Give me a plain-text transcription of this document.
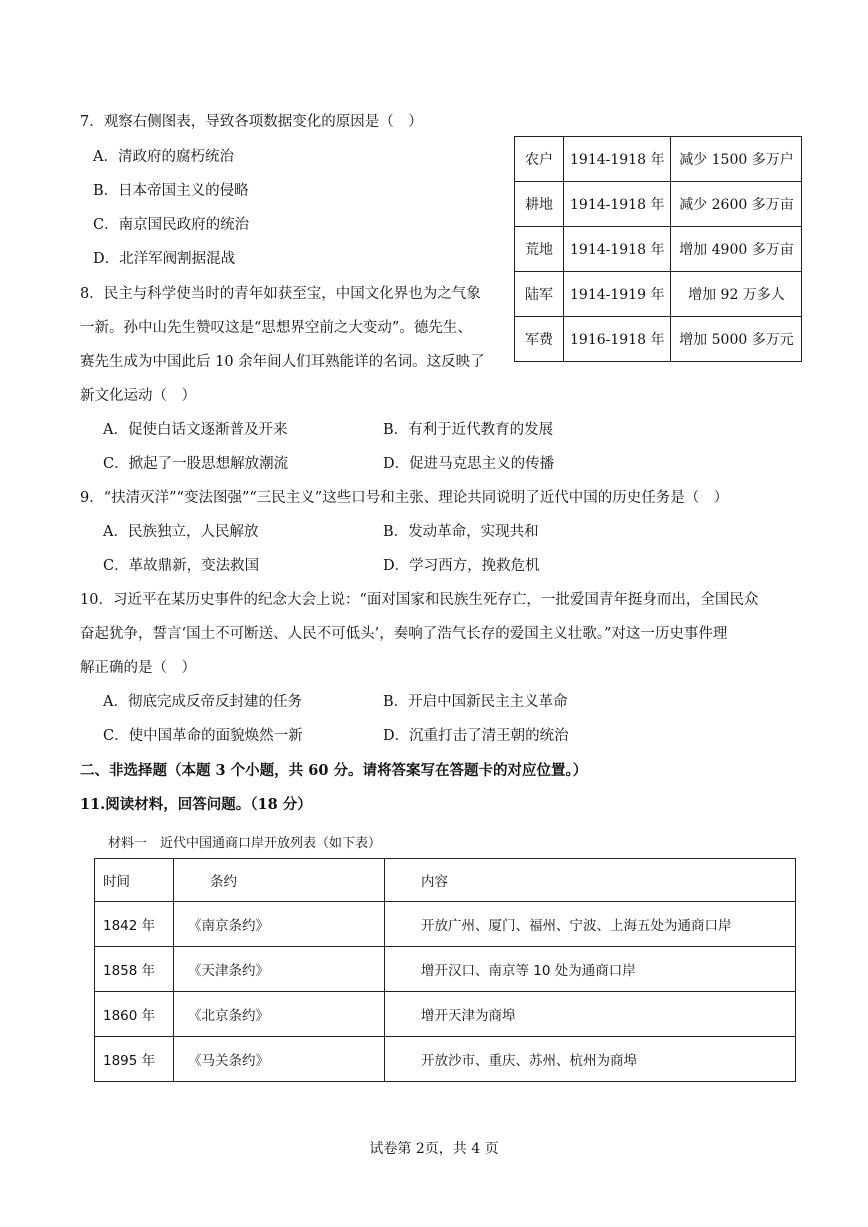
7．观察右侧图表，导致各项数据变化的原因是（　）
A．清政府的腐朽统治
B．日本帝国主义的侵略
C．南京国民政府的统治
D．北洋军阀割据混战
农户	1914-1918 年	减少 1500 多万户
耕地	1914-1918 年	减少 2600 多万亩
荒地	1914-1918 年	增加 4900 多万亩
陆军	1914-1919 年	增加 92 万多人
军费	1916-1918 年	增加 5000 多万元
8．民主与科学使当时的青年如获至宝，中国文化界也为之气象
一新。孙中山先生赞叹这是“思想界空前之大变动”。德先生、
赛先生成为中国此后 10 余年间人们耳熟能详的名词。这反映了
新文化运动（　）
A．促使白话文逐渐普及开来	B．有利于近代教育的发展
C．掀起了一股思想解放潮流	D．促进马克思主义的传播
9．“扶清灭洋”“变法图强”“三民主义”这些口号和主张、理论共同说明了近代中国的历史任务是（　）
A．民族独立，人民解放	B．发动革命，实现共和
C．革故鼎新，变法救国	D．学习西方，挽救危机
10．习近平在某历史事件的纪念大会上说：“面对国家和民族生死存亡，一批爱国青年挺身而出，全国民众
奋起犹争，誓言‘国土不可断送、人民不可低头’，奏响了浩气长存的爱国主义壮歌。”对这一历史事件理
解正确的是（　）
A．彻底完成反帝反封建的任务	B．开启中国新民主主义革命
C．使中国革命的面貌焕然一新	D．沉重打击了清王朝的统治
二、非选择题（本题 3 个小题，共 60 分。请将答案写在答题卡的对应位置。）
11.阅读材料，回答问题。（18 分）
材料一　近代中国通商口岸开放列表（如下表）
时间	条约	内容
1842 年	《南京条约》	开放广州、厦门、福州、宁波、上海五处为通商口岸
1858 年	《天津条约》	增开汉口、南京等 10 处为通商口岸
1860 年	《北京条约》	增开天津为商埠
1895 年	《马关条约》	开放沙市、重庆、苏州、杭州为商埠
试卷第 2页，共 4 页
